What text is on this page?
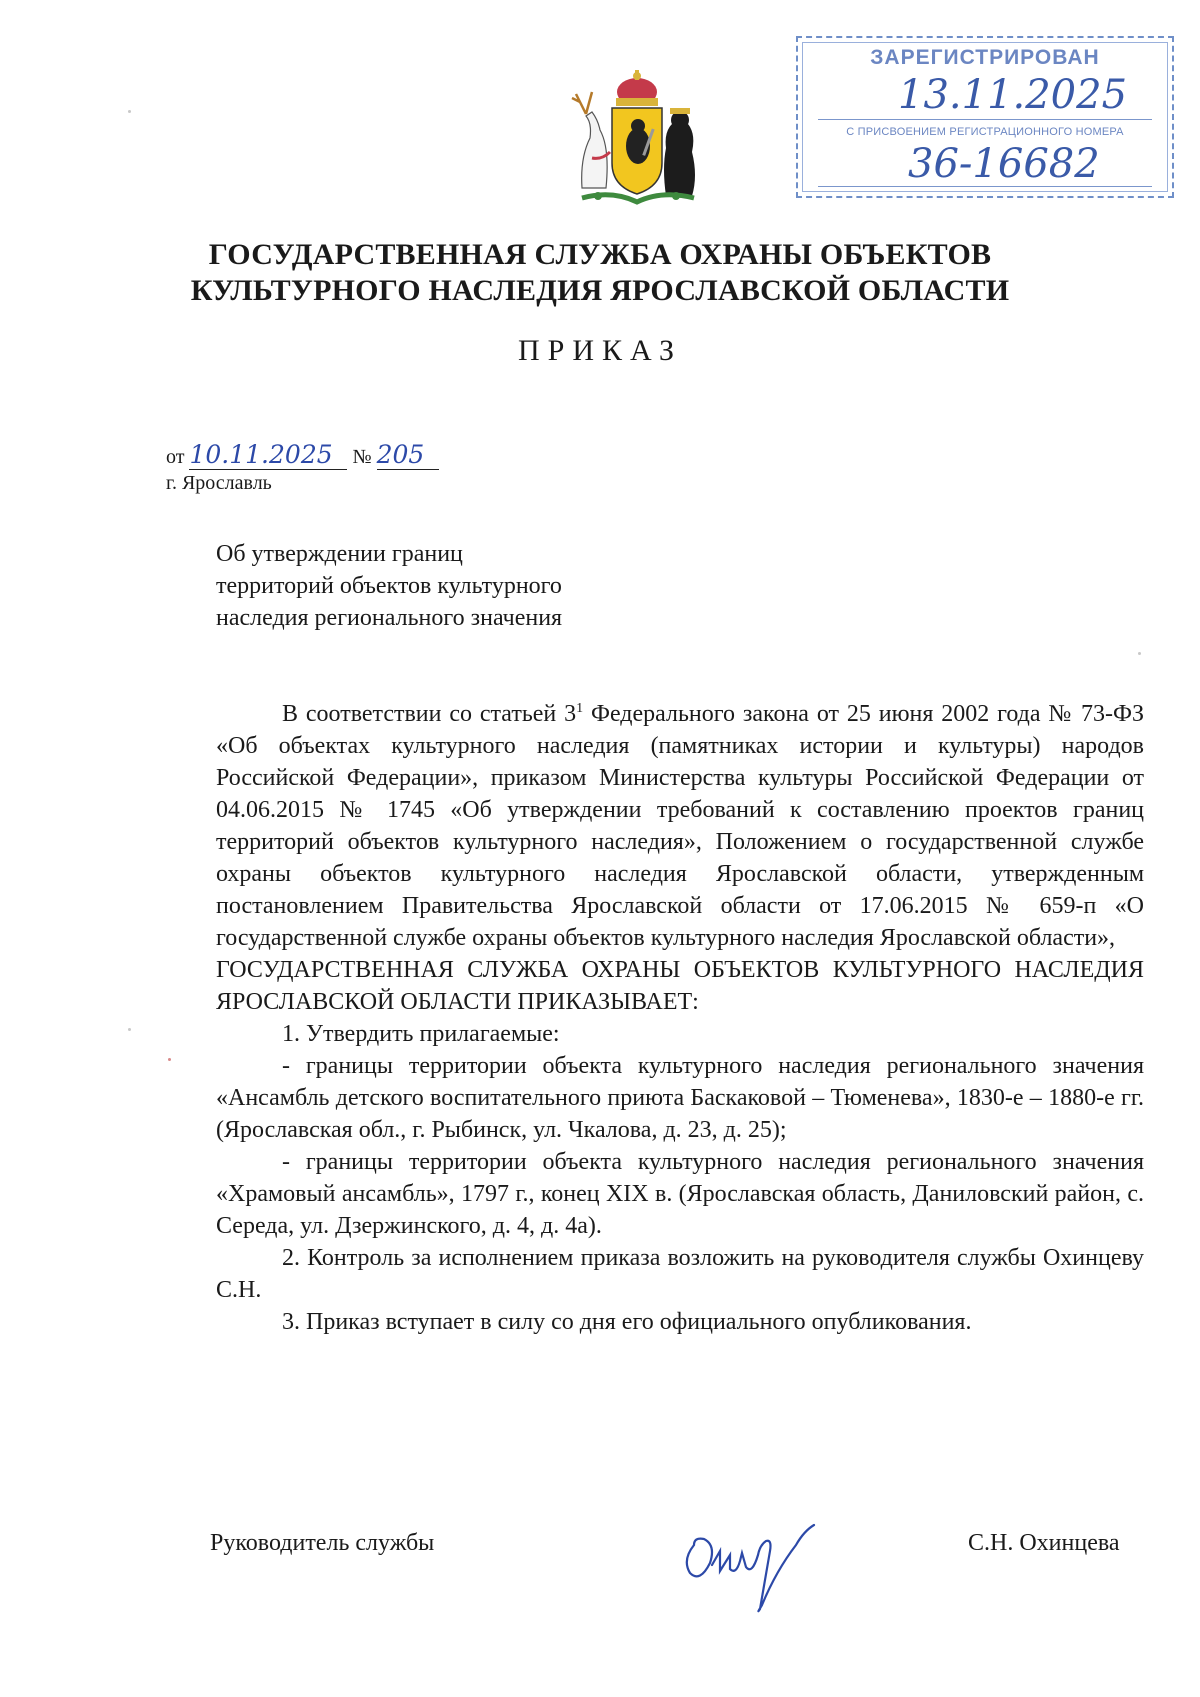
ЗАРЕГИСТРИРОВАН
13.11.2025
С ПРИСВОЕНИЕМ РЕГИСТРАЦИОННОГО НОМЕРА
36-16682
ГОСУДАРСТВЕННАЯ СЛУЖБА ОХРАНЫ ОБЪЕКТОВ
КУЛЬТУРНОГО НАСЛЕДИЯ ЯРОСЛАВСКОЙ ОБЛАСТИ
ПРИКАЗ
от 10.11.2025 № 205
г. Ярославль
Об утверждении границ
территорий объектов культурного
наследия регионального значения

В соответствии со статьей $3^1$ Федерального закона от 25 июня 2002 года № 73-ФЗ «Об объектах культурного наследия (памятниках истории и культуры) народов Российской Федерации», приказом Министерства культуры Российской Федерации от 04.06.2015 № 1745 «Об утверждении требований к составлению проектов границ территорий объектов культурного наследия», Положением о государственной службе охраны объектов культурного наследия Ярославской области, утвержденным постановлением Правительства Ярославской области от 17.06.2015 № 659-п «О государственной службе охраны объектов культурного наследия Ярославской области»,

ГОСУДАРСТВЕННАЯ СЛУЖБА ОХРАНЫ ОБЪЕКТОВ КУЛЬТУРНОГО НАСЛЕДИЯ ЯРОСЛАВСКОЙ ОБЛАСТИ ПРИКАЗЫВАЕТ:

1. Утвердить прилагаемые:

- границы территории объекта культурного наследия регионального значения «Ансамбль детского воспитательного приюта Баскаковой – Тюменева», 1830-е – 1880-е гг. (Ярославская обл., г. Рыбинск, ул. Чкалова, д. 23, д. 25);

- границы территории объекта культурного наследия регионального значения «Храмовый ансамбль», 1797 г., конец XIX в. (Ярославская область, Даниловский район, с. Середа, ул. Дзержинского, д. 4, д. 4а).

2. Контроль за исполнением приказа возложить на руководителя службы Охинцеву С.Н.

3. Приказ вступает в силу со дня его официального опубликования.

Руководитель службы	С.Н. Охинцева
